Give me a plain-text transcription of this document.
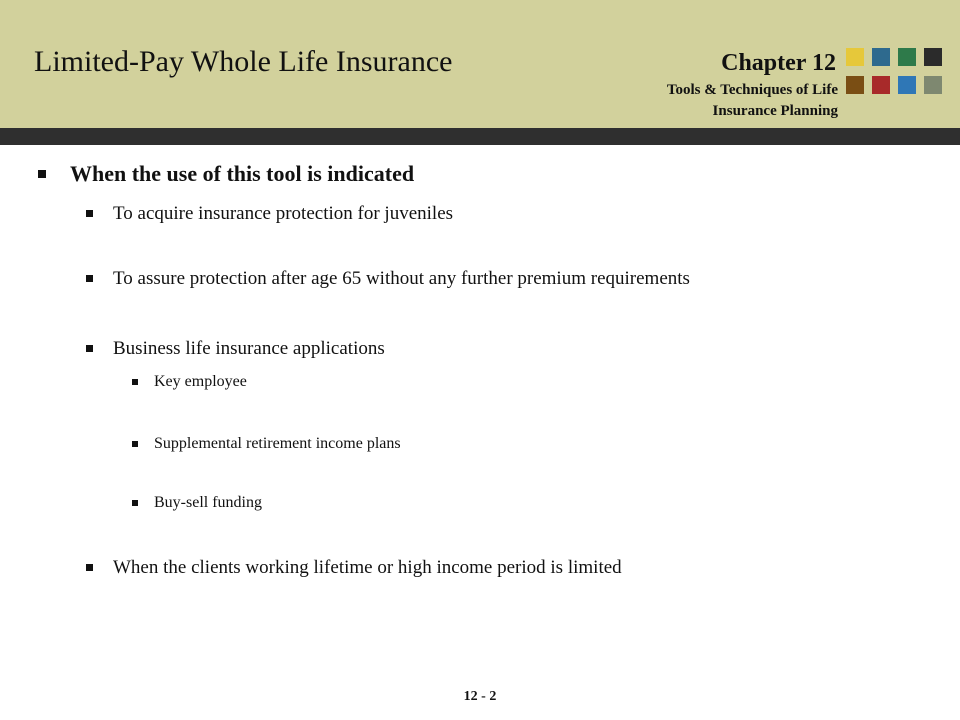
Limited-Pay Whole Life Insurance	Chapter 12
Tools & Techniques of Life
Insurance Planning
When the use of this tool is indicated
To acquire insurance protection for juveniles
To assure protection after age 65 without any further premium requirements
Business life insurance applications
Key employee
Supplemental retirement income plans
Buy-sell funding
When the clients working lifetime or high income period is limited
12 - 2
